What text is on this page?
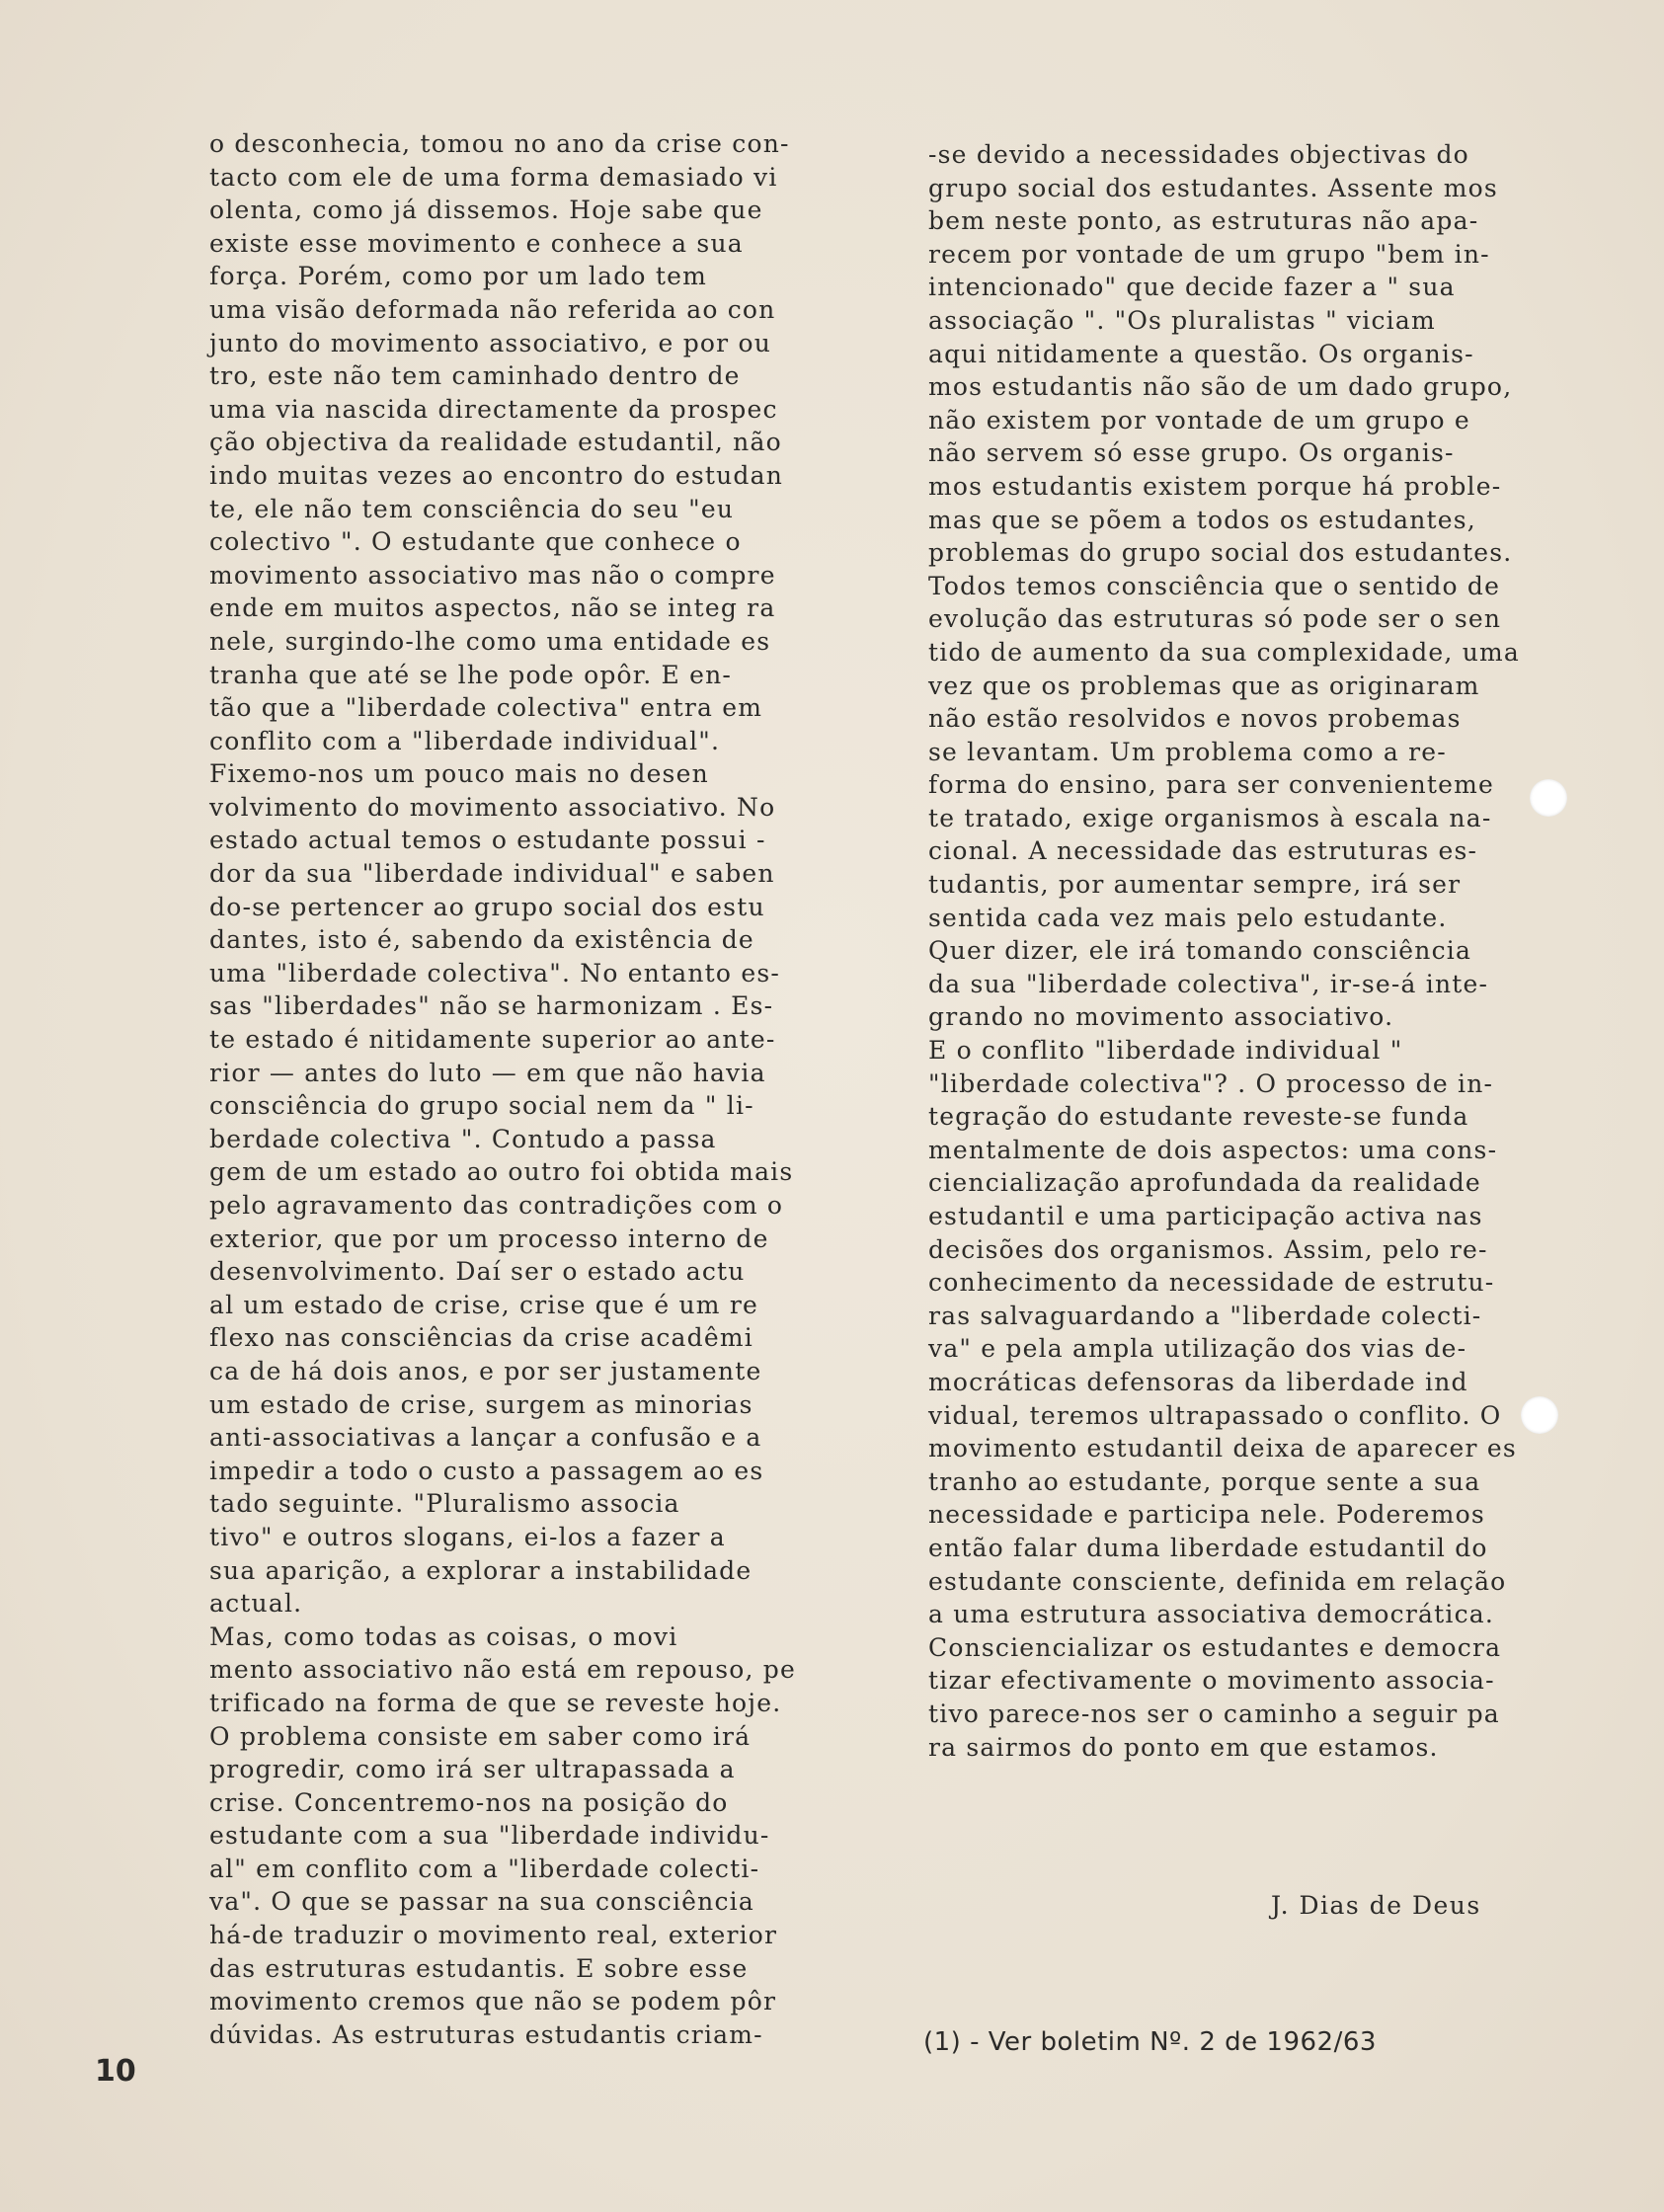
o desconhecia, tomou no ano da crise con-
tacto com ele de uma forma demasiado vi
olenta, como já dissemos. Hoje sabe que
existe esse movimento e conhece a sua
força. Porém, como por um lado tem
uma visão deformada não referida ao con
junto do movimento associativo, e por ou
tro, este não tem caminhado dentro de
uma via nascida directamente da prospec
ção objectiva da realidade estudantil, não
indo muitas vezes ao encontro do estudan
te, ele não tem consciência do seu "eu
colectivo ". O estudante que conhece o
movimento associativo mas não o compre
ende em muitos aspectos, não se integ ra
nele, surgindo-lhe como uma entidade es
tranha que até se lhe pode opôr. E en-
tão que a "liberdade colectiva" entra em
conflito com a "liberdade individual".
Fixemo-nos um pouco mais no desen
volvimento do movimento associativo. No
estado actual temos o estudante possui -
dor da sua "liberdade individual" e saben
do-se pertencer ao grupo social dos estu
dantes, isto é, sabendo da existência de
uma "liberdade colectiva". No entanto es-
sas "liberdades" não se harmonizam . Es-
te estado é nitidamente superior ao ante-
rior — antes do luto — em que não havia
consciência do grupo social nem da " li-
berdade colectiva ". Contudo a passa
gem de um estado ao outro foi obtida mais
pelo agravamento das contradições com o
exterior, que por um processo interno de
desenvolvimento. Daí ser o estado actu
al um estado de crise, crise que é um re
flexo nas consciências da crise acadêmi
ca de há dois anos, e por ser justamente
um estado de crise, surgem as minorias
anti-associativas a lançar a confusão e a
impedir a todo o custo a passagem ao es
tado seguinte. "Pluralismo associa
tivo" e outros slogans, ei-los a fazer a
sua aparição, a explorar a instabilidade
actual.
Mas, como todas as coisas, o movi
mento associativo não está em repouso, pe
trificado na forma de que se reveste hoje.
O problema consiste em saber como irá
progredir, como irá ser ultrapassada a
crise. Concentremo-nos na posição do
estudante com a sua "liberdade individu-
al" em conflito com a "liberdade colecti-
va". O que se passar na sua consciência
há-de traduzir o movimento real, exterior
das estruturas estudantis. E sobre esse
movimento cremos que não se podem pôr
dúvidas. As estruturas estudantis criam-
-se devido a necessidades objectivas do
grupo social dos estudantes. Assente mos
bem neste ponto, as estruturas não apa-
recem por vontade de um grupo "bem in-
intencionado" que decide fazer a " sua
associação ". "Os pluralistas " viciam
aqui nitidamente a questão. Os organis-
mos estudantis não são de um dado grupo,
não existem por vontade de um grupo e
não servem só esse grupo. Os organis-
mos estudantis existem porque há proble-
mas que se põem a todos os estudantes,
problemas do grupo social dos estudantes.
Todos temos consciência que o sentido de
evolução das estruturas só pode ser o sen
tido de aumento da sua complexidade, uma
vez que os problemas que as originaram
não estão resolvidos e novos probemas
se levantam. Um problema como a re-
forma do ensino, para ser convenienteme
te tratado, exige organismos à escala na-
cional. A necessidade das estruturas es-
tudantis, por aumentar sempre, irá ser
sentida cada vez mais pelo estudante.
Quer dizer, ele irá tomando consciência
da sua "liberdade colectiva", ir-se-á inte-
grando no movimento associativo.
E o conflito "liberdade individual "
"liberdade colectiva"? . O processo de in-
tegração do estudante reveste-se funda
mentalmente de dois aspectos: uma cons-
ciencialização aprofundada da realidade
estudantil e uma participação activa nas
decisões dos organismos. Assim, pelo re-
conhecimento da necessidade de estrutu-
ras salvaguardando a "liberdade colecti-
va" e pela ampla utilização dos vias de-
mocráticas defensoras da liberdade ind
vidual, teremos ultrapassado o conflito. O
movimento estudantil deixa de aparecer es
tranho ao estudante, porque sente a sua
necessidade e participa nele. Poderemos
então falar duma liberdade estudantil do
estudante consciente, definida em relação
a uma estrutura associativa democrática.
Consciencializar os estudantes e democra
tizar efectivamente o movimento associa-
tivo parece-nos ser o caminho a seguir pa
ra sairmos do ponto em que estamos.
J. Dias de Deus
(1) - Ver boletim Nº. 2 de 1962/63
10
